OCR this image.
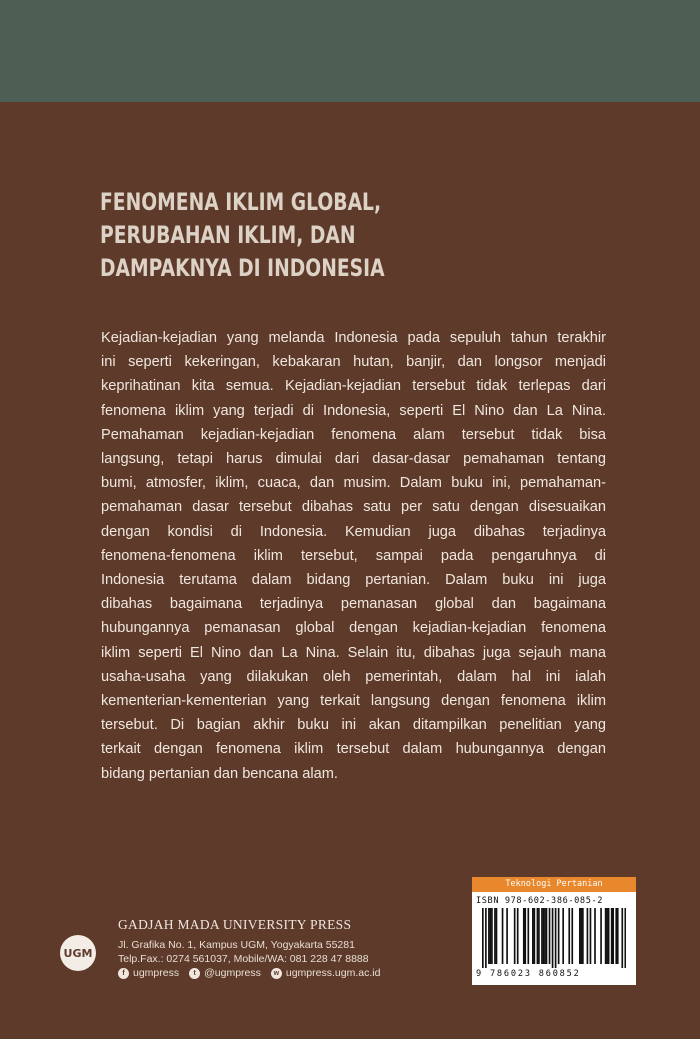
FENOMENA IKLIM GLOBAL,
PERUBAHAN IKLIM, DAN
DAMPAKNYA DI INDONESIA
Kejadian-kejadian yang melanda Indonesia pada sepuluh tahun terakhir
ini seperti kekeringan, kebakaran hutan, banjir, dan longsor menjadi
keprihatinan kita semua. Kejadian-kejadian tersebut tidak terlepas dari
fenomena iklim yang terjadi di Indonesia, seperti El Nino dan La Nina.
Pemahaman kejadian-kejadian fenomena alam tersebut tidak bisa
langsung, tetapi harus dimulai dari dasar-dasar pemahaman tentang
bumi, atmosfer, iklim, cuaca, dan musim. Dalam buku ini, pemahaman-
pemahaman dasar tersebut dibahas satu per satu dengan disesuaikan
dengan kondisi di Indonesia. Kemudian juga dibahas terjadinya
fenomena-fenomena iklim tersebut, sampai pada pengaruhnya di
Indonesia terutama dalam bidang pertanian. Dalam buku ini juga
dibahas bagaimana terjadinya pemanasan global dan bagaimana
hubungannya pemanasan global dengan kejadian-kejadian fenomena
iklim seperti El Nino dan La Nina. Selain itu, dibahas juga sejauh mana
usaha-usaha yang dilakukan oleh pemerintah, dalam hal ini ialah
kementerian-kementerian yang terkait langsung dengan fenomena iklim
tersebut. Di bagian akhir buku ini akan ditampilkan penelitian yang
terkait dengan fenomena iklim tersebut dalam hubungannya dengan
bidang pertanian dan bencana alam.
UGM
GADJAH MADA UNIVERSITY PRESS
Jl. Grafika No. 1, Kampus UGM, Yogyakarta 55281
Telp.Fax.: 0274 561037, Mobile/WA: 081 228 47 8888
f ugmpress	t @ugmpress	w ugmpress.ugm.ac.id
Teknologi Pertanian
ISBN 978-602-386-085-2
9 786023 860852
